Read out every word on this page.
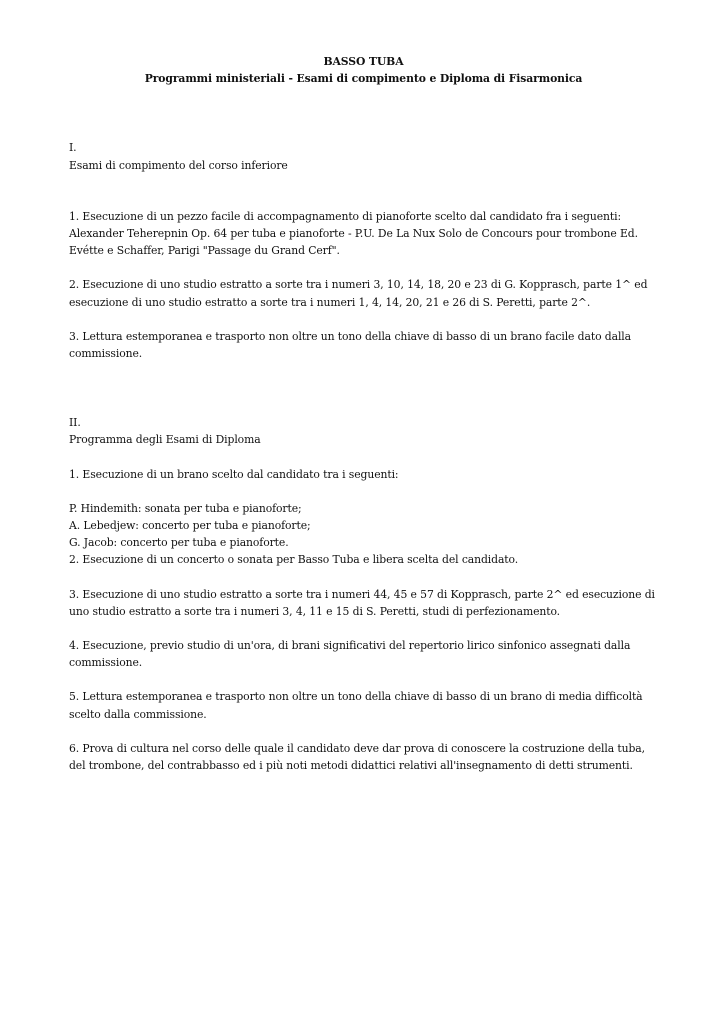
BASSO TUBA

Programmi ministeriali - Esami di compimento e Diploma di Fisarmonica

I.

Esami di compimento del corso inferiore

1. Esecuzione di un pezzo facile di accompagnamento di pianoforte scelto dal candidato fra i seguenti: Alexander Teherepnin Op. 64 per tuba e pianoforte - P.U. De La Nux Solo de Concours pour trombone Ed. Evétte e Schaffer, Parigi "Passage du Grand Cerf".

2. Esecuzione di uno studio estratto a sorte tra i numeri 3, 10, 14, 18, 20 e 23 di G. Kopprasch, parte 1^ ed esecuzione di uno studio estratto a sorte tra i numeri 1, 4, 14, 20, 21 e 26 di S. Peretti, parte 2^.

3. Lettura estemporanea e trasporto non oltre un tono della chiave di basso di un brano facile dato dalla commissione.

II.

Programma degli Esami di Diploma

1. Esecuzione di un brano scelto dal candidato tra i seguenti:

P. Hindemith: sonata per tuba e pianoforte;

A. Lebedjew: concerto per tuba e pianoforte;

G. Jacob: concerto per tuba e pianoforte.

2. Esecuzione di un concerto o sonata per Basso Tuba e libera scelta del candidato.

3. Esecuzione di uno studio estratto a sorte tra i numeri 44, 45 e 57 di Kopprasch, parte 2^ ed esecuzione di uno studio estratto a sorte tra i numeri 3, 4, 11 e 15 di S. Peretti, studi di perfezionamento.

4. Esecuzione, previo studio di un'ora, di brani significativi del repertorio lirico sinfonico assegnati dalla commissione.

5. Lettura estemporanea e trasporto non oltre un tono della chiave di basso di un brano di media difficoltà scelto dalla commissione.

6. Prova di cultura nel corso delle quale il candidato deve dar prova di conoscere la costruzione della tuba, del trombone, del contrabbasso ed i più noti metodi didattici relativi all'insegnamento di detti strumenti.
